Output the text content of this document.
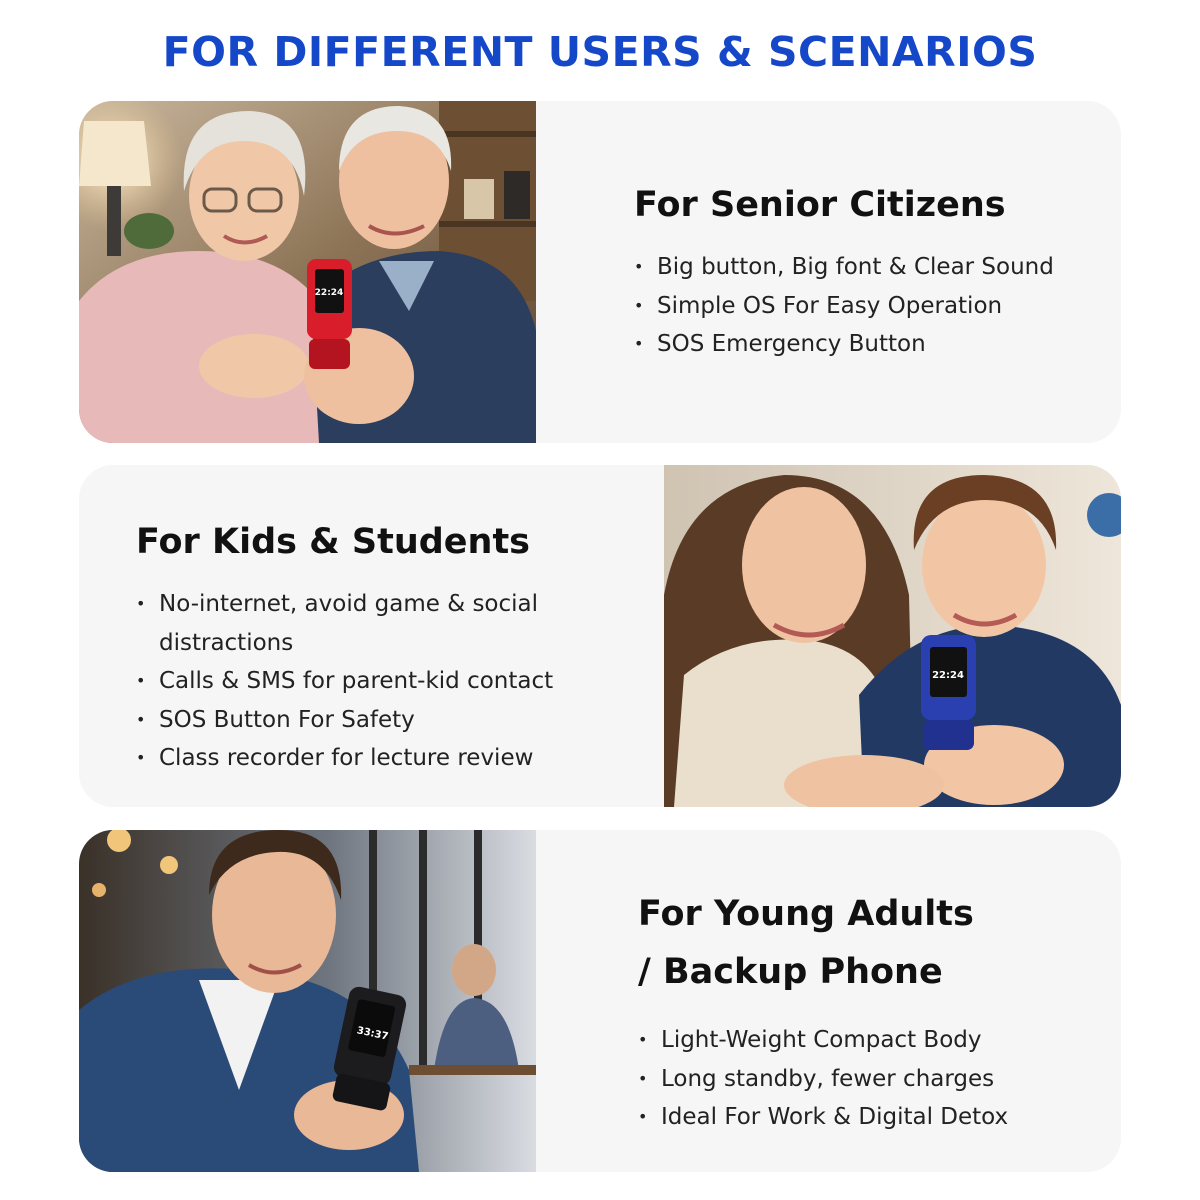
FOR DIFFERENT USERS & SCENARIOS
22:24
For Senior Citizens
• Big button, Big font & Clear Sound
• Simple OS For Easy Operation
• SOS Emergency Button
For Kids & Students
• No-internet, avoid game & social distractions
• Calls & SMS for parent-kid contact
• SOS Button For Safety
• Class recorder for lecture review
22:24
33:37
For Young Adults
/ Backup Phone
• Light-Weight Compact Body
• Long standby, fewer charges
• Ideal For Work & Digital Detox
